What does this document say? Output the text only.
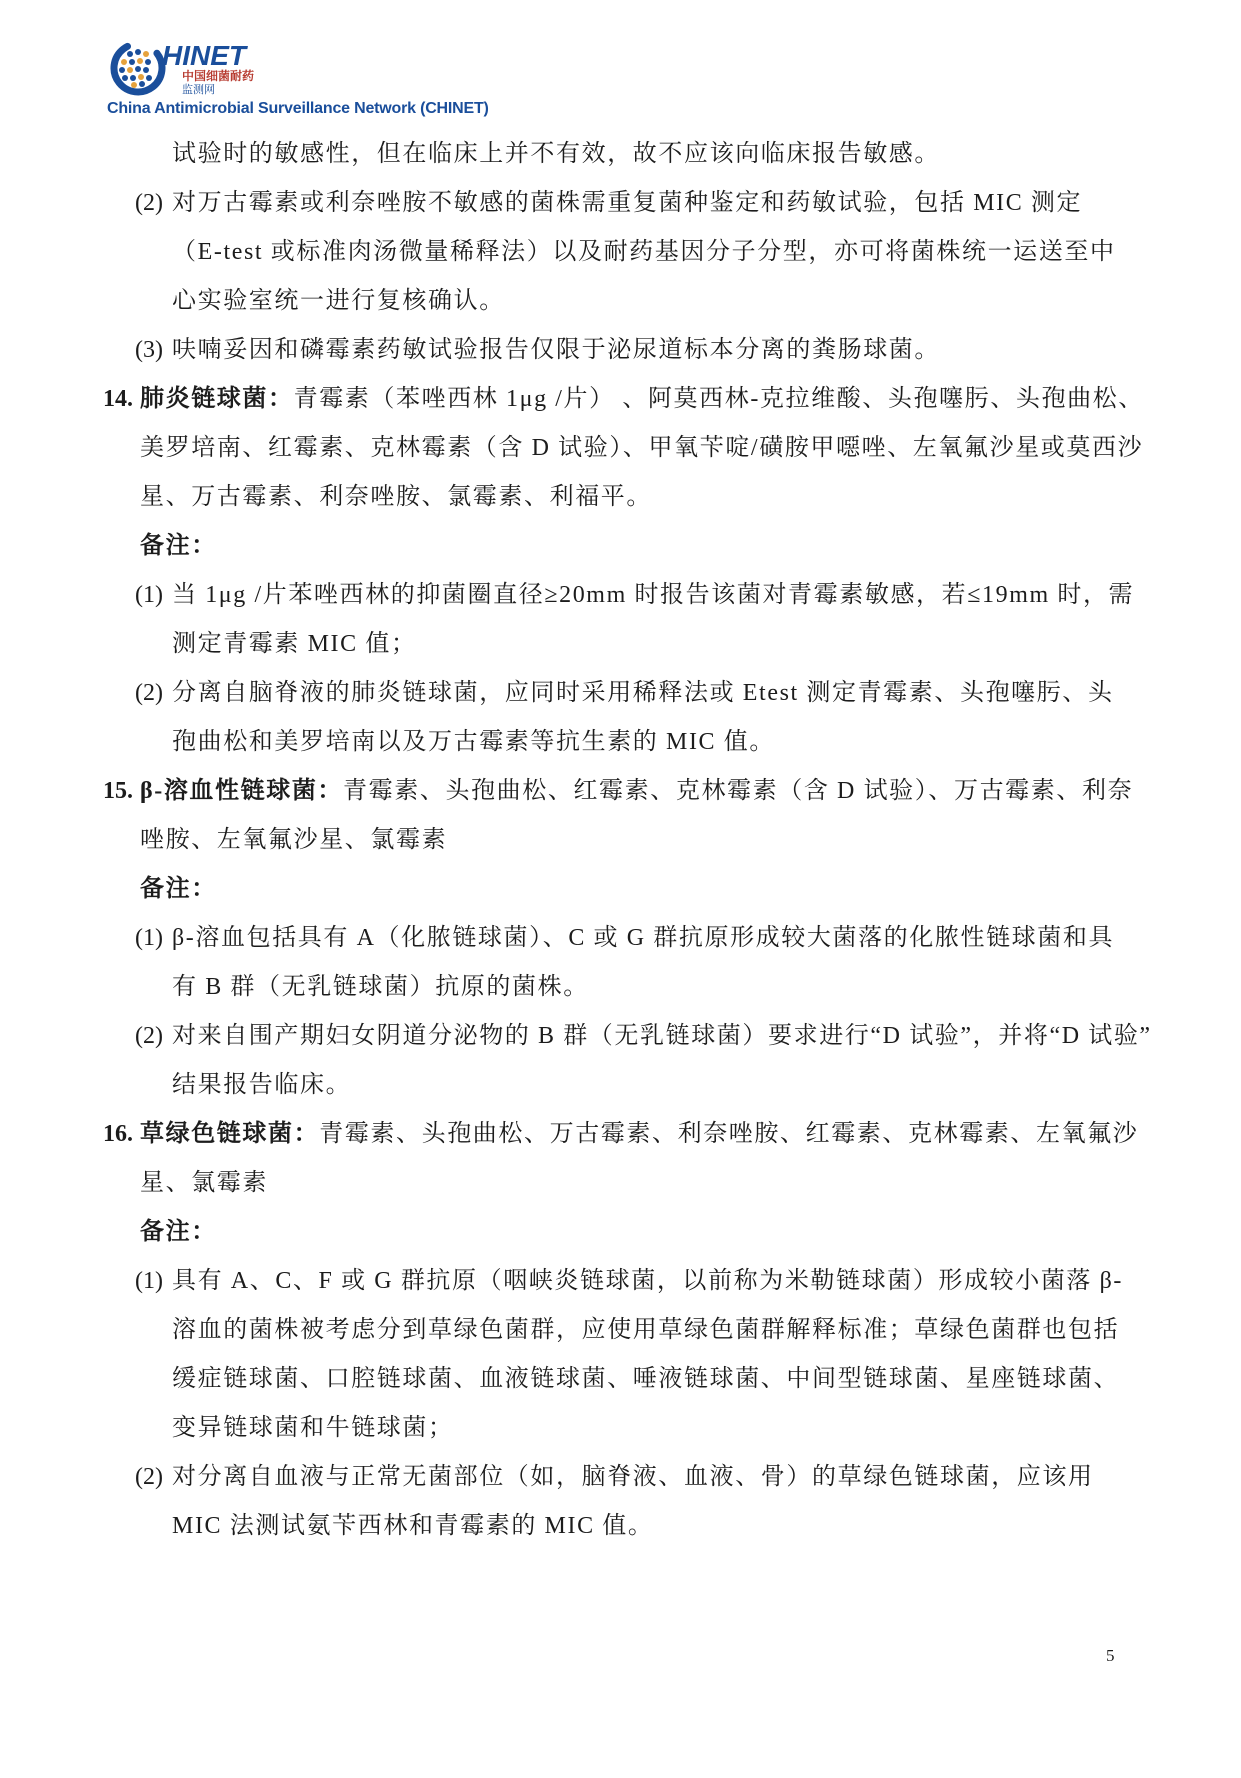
HINET
中国细菌耐药
监测网
China Antimicrobial Surveillance Network (CHINET)
试验时的敏感性，但在临床上并不有效，故不应该向临床报告敏感。
(2) 对万古霉素或利奈唑胺不敏感的菌株需重复菌种鉴定和药敏试验，包括 MIC 测定
（E-test 或标准肉汤微量稀释法）以及耐药基因分子分型，亦可将菌株统一运送至中
心实验室统一进行复核确认。
(3) 呋喃妥因和磷霉素药敏试验报告仅限于泌尿道标本分离的粪肠球菌。
14. 肺炎链球菌：青霉素（苯唑西林 1μg /片） 、阿莫西林-克拉维酸、头孢噻肟、头孢曲松、
美罗培南、红霉素、克林霉素（含 D 试验）、甲氧苄啶/磺胺甲噁唑、左氧氟沙星或莫西沙
星、万古霉素、利奈唑胺、氯霉素、利福平。
备注：
(1) 当 1μg /片苯唑西林的抑菌圈直径≥20mm 时报告该菌对青霉素敏感，若≤19mm 时，需
测定青霉素 MIC 值；
(2) 分离自脑脊液的肺炎链球菌，应同时采用稀释法或 Etest 测定青霉素、头孢噻肟、头
孢曲松和美罗培南以及万古霉素等抗生素的 MIC 值。
15. β-溶血性链球菌：青霉素、头孢曲松、红霉素、克林霉素（含 D 试验）、万古霉素、利奈
唑胺、左氧氟沙星、氯霉素
备注：
(1) β-溶血包括具有 A（化脓链球菌）、C 或 G 群抗原形成较大菌落的化脓性链球菌和具
有 B 群（无乳链球菌）抗原的菌株。
(2) 对来自围产期妇女阴道分泌物的 B 群（无乳链球菌）要求进行“D 试验”，并将“D 试验”
结果报告临床。
16. 草绿色链球菌：青霉素、头孢曲松、万古霉素、利奈唑胺、红霉素、克林霉素、左氧氟沙
星、氯霉素
备注：
(1) 具有 A、C、F 或 G 群抗原（咽峡炎链球菌，以前称为米勒链球菌）形成较小菌落 β-
溶血的菌株被考虑分到草绿色菌群，应使用草绿色菌群解释标准；草绿色菌群也包括
缓症链球菌、口腔链球菌、血液链球菌、唾液链球菌、中间型链球菌、星座链球菌、
变异链球菌和牛链球菌；
(2) 对分离自血液与正常无菌部位（如，脑脊液、血液、骨）的草绿色链球菌，应该用
MIC 法测试氨苄西林和青霉素的 MIC 值。
5
